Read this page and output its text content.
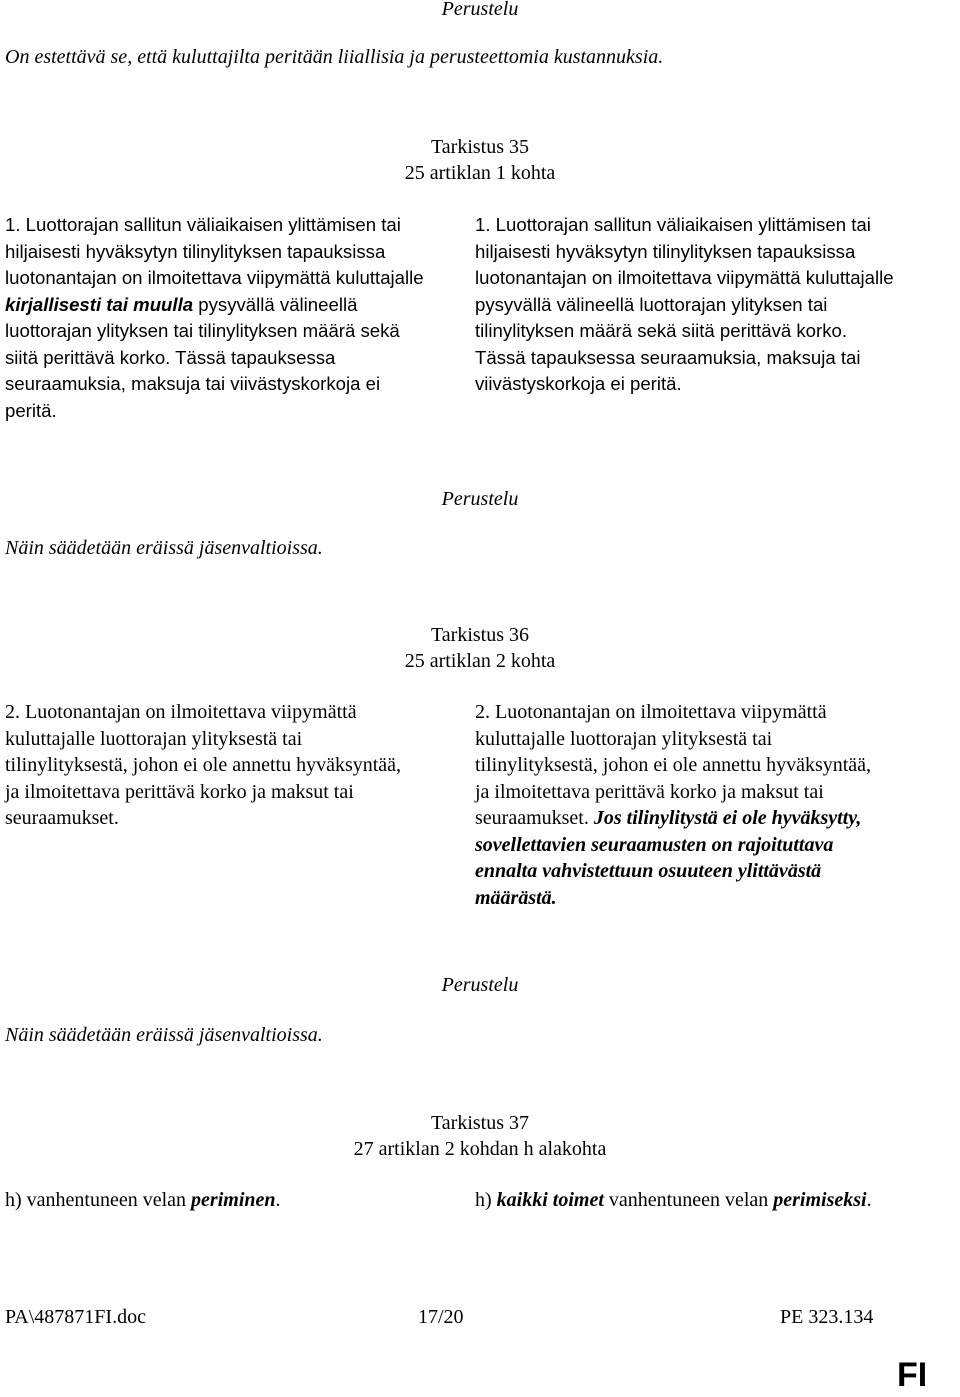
Perustelu
On estettävä se, että kuluttajilta peritään liiallisia ja perusteettomia kustannuksia.
Tarkistus 35
25 artiklan 1 kohta
1. Luottorajan sallitun väliaikaisen ylittämisen tai hiljaisesti hyväksytyn tilinylityksen tapauksissa luotonantajan on ilmoitettava viipymättä kuluttajalle kirjallisesti tai muulla pysyvällä välineellä luottorajan ylityksen tai tilinylityksen määrä sekä siitä perittävä korko. Tässä tapauksessa seuraamuksia, maksuja tai viivästyskorkoja ei peritä.
1. Luottorajan sallitun väliaikaisen ylittämisen tai hiljaisesti hyväksytyn tilinylityksen tapauksissa luotonantajan on ilmoitettava viipymättä kuluttajalle pysyvällä välineellä luottorajan ylityksen tai tilinylityksen määrä sekä siitä perittävä korko. Tässä tapauksessa seuraamuksia, maksuja tai viivästyskorkoja ei peritä.
Perustelu
Näin säädetään eräissä jäsenvaltioissa.
Tarkistus 36
25 artiklan 2 kohta
2. Luotonantajan on ilmoitettava viipymättä kuluttajalle luottorajan ylityksestä tai tilinylityksestä, johon ei ole annettu hyväksyntää, ja ilmoitettava perittävä korko ja maksut tai seuraamukset.
2. Luotonantajan on ilmoitettava viipymättä kuluttajalle luottorajan ylityksestä tai tilinylityksestä, johon ei ole annettu hyväksyntää, ja ilmoitettava perittävä korko ja maksut tai seuraamukset. Jos tilinylitystä ei ole hyväksytty, sovellettavien seuraamusten on rajoituttava ennalta vahvistettuun osuuteen ylittävästä määrästä.
Perustelu
Näin säädetään eräissä jäsenvaltioissa.
Tarkistus 37
27 artiklan 2 kohdan h alakohta
h) vanhentuneen velan periminen.	h) kaikki toimet vanhentuneen velan perimiseksi.
PA\487871FI.doc	17/20	PE 323.134
FI
